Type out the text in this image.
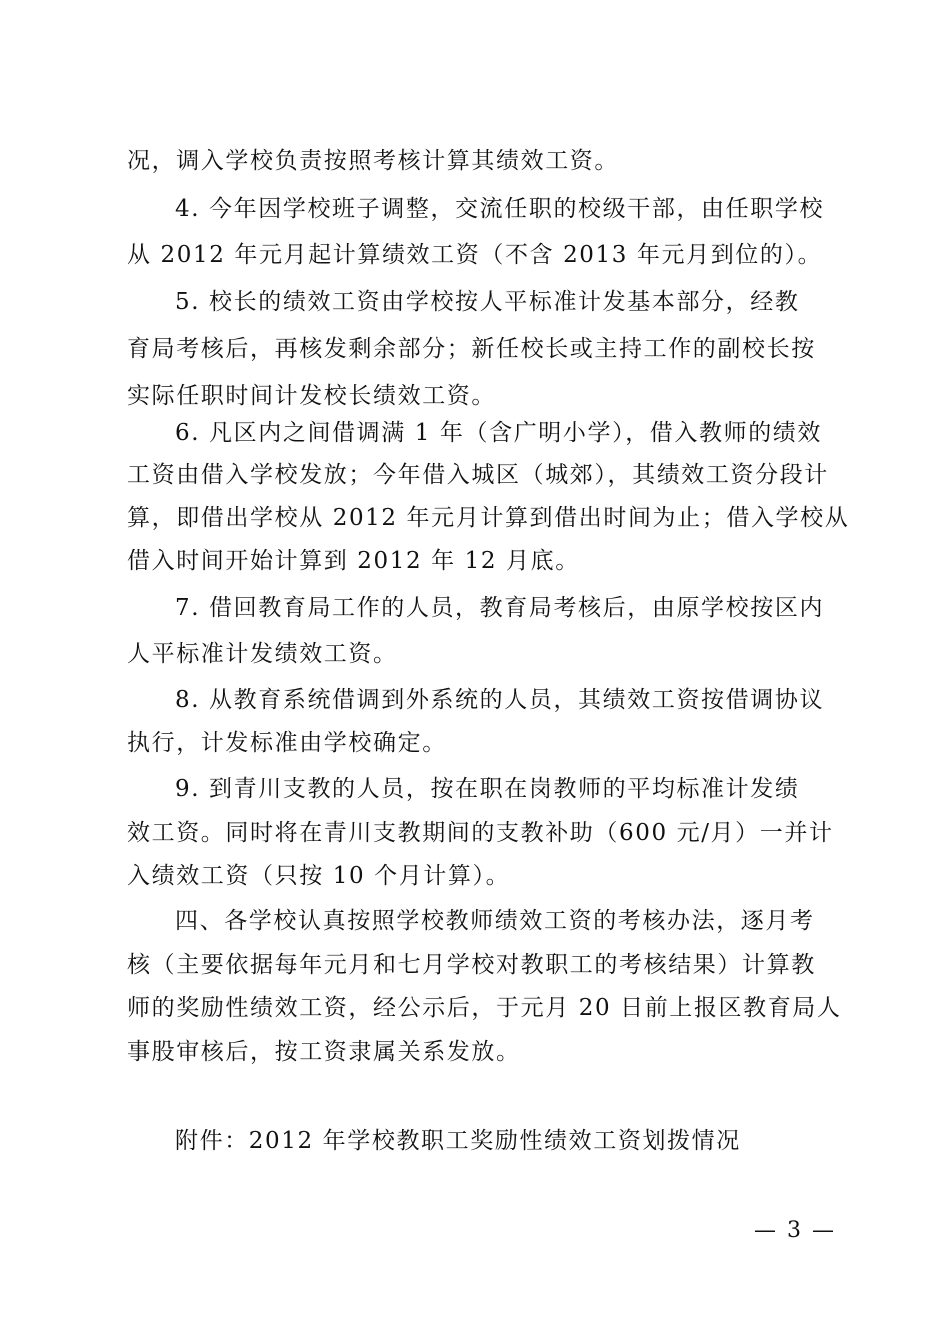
况，调入学校负责按照考核计算其绩效工资。
4. 今年因学校班子调整，交流任职的校级干部，由任职学校
从 2012 年元月起计算绩效工资（不含 2013 年元月到位的）。
5. 校长的绩效工资由学校按人平标准计发基本部分，经教
育局考核后，再核发剩余部分；新任校长或主持工作的副校长按
实际任职时间计发校长绩效工资。
6. 凡区内之间借调满 1 年（含广明小学），借入教师的绩效
工资由借入学校发放；今年借入城区（城郊），其绩效工资分段计
算，即借出学校从 2012 年元月计算到借出时间为止；借入学校从
借入时间开始计算到 2012 年 12 月底。
7. 借回教育局工作的人员，教育局考核后，由原学校按区内
人平标准计发绩效工资。
8. 从教育系统借调到外系统的人员，其绩效工资按借调协议
执行，计发标准由学校确定。
9. 到青川支教的人员，按在职在岗教师的平均标准计发绩
效工资。同时将在青川支教期间的支教补助（600 元/月）一并计
入绩效工资（只按 10 个月计算）。
四、各学校认真按照学校教师绩效工资的考核办法，逐月考
核（主要依据每年元月和七月学校对教职工的考核结果）计算教
师的奖励性绩效工资，经公示后，于元月 20 日前上报区教育局人
事股审核后，按工资隶属关系发放。
附件：2012 年学校教职工奖励性绩效工资划拨情况
— 3 —
